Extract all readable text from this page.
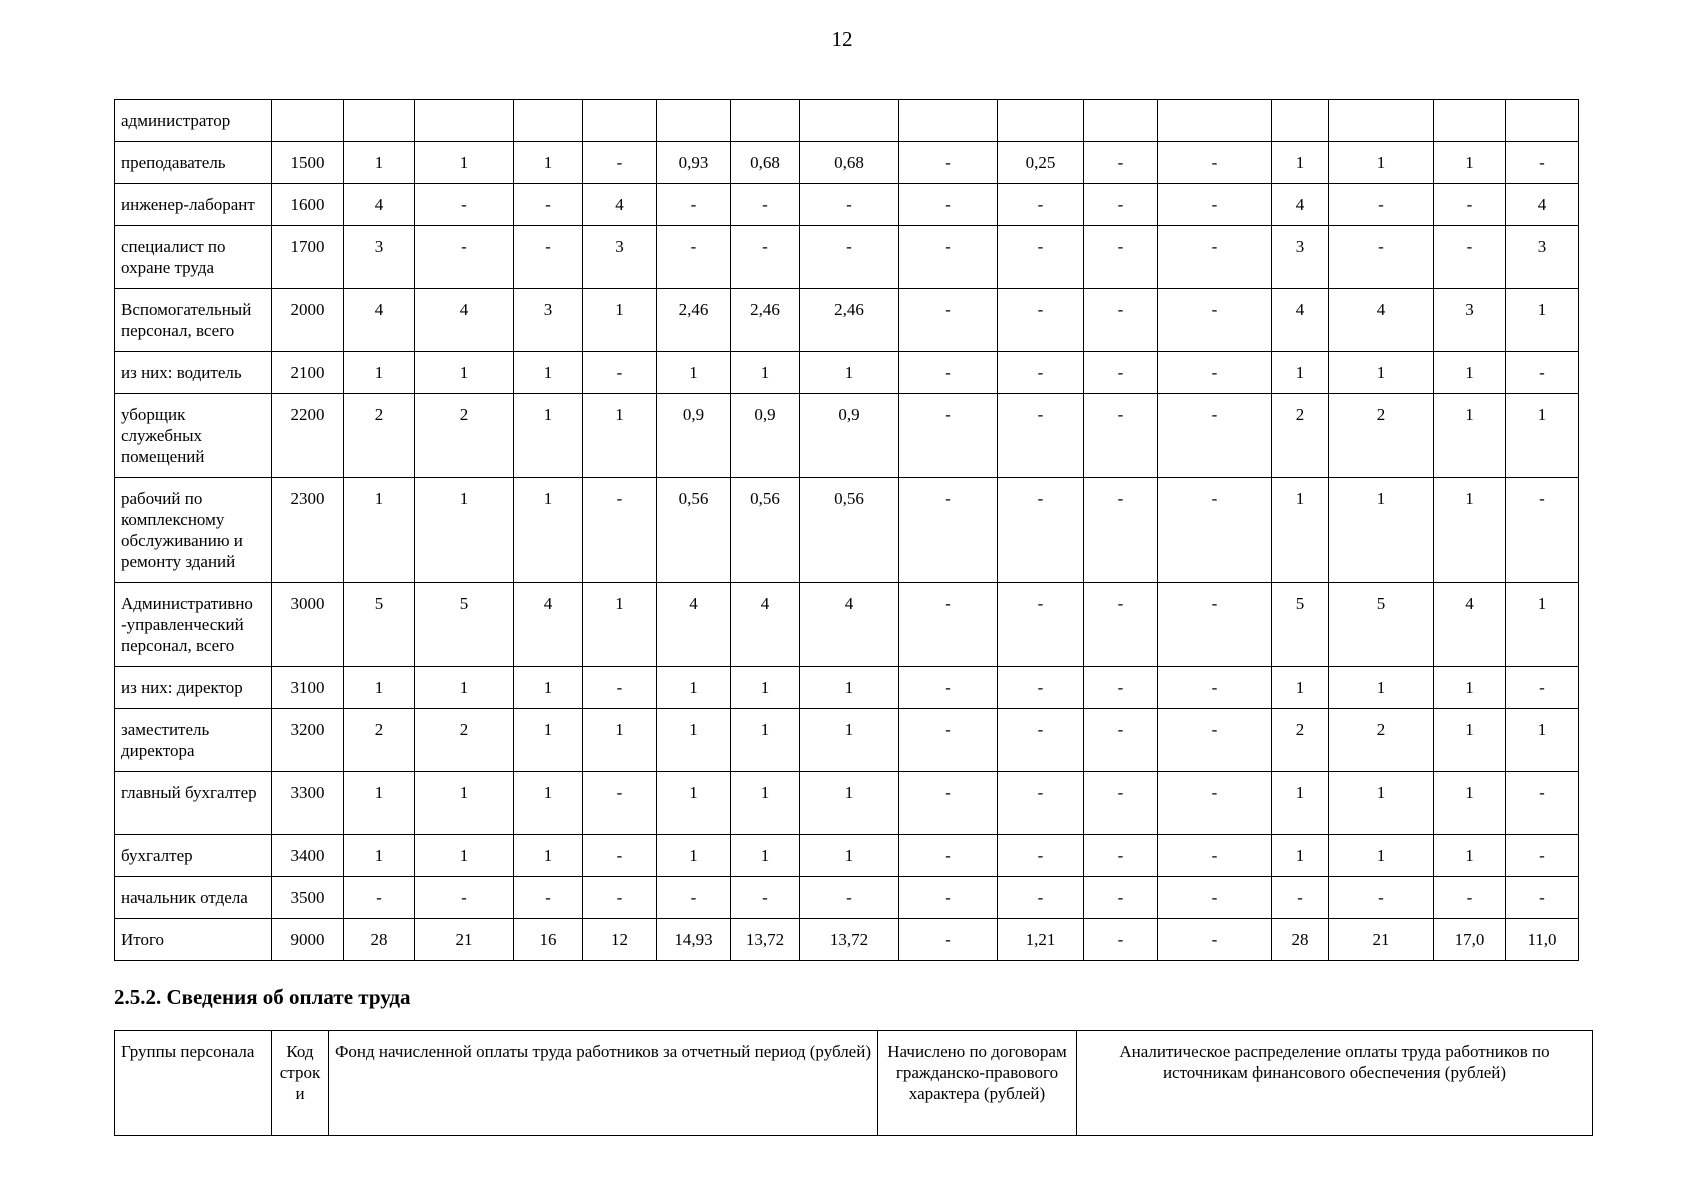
12
администратор																
преподаватель	1500	1	1	1	-	0,93	0,68	0,68	-	0,25	-	-	1	1	1	-
инженер-лаборант	1600	4	-	-	4	-	-	-	-	-	-	-	4	-	-	4
специалист по охране труда	1700	3	-	-	3	-	-	-	-	-	-	-	3	-	-	3
Вспомогательный персонал, всего	2000	4	4	3	1	2,46	2,46	2,46	-	-	-	-	4	4	3	1
из них: водитель	2100	1	1	1	-	1	1	1	-	-	-	-	1	1	1	-
уборщик служебных помещений	2200	2	2	1	1	0,9	0,9	0,9	-	-	-	-	2	2	1	1
рабочий по комплексному обслуживанию и ремонту зданий	2300	1	1	1	-	0,56	0,56	0,56	-	-	-	-	1	1	1	-
Административно -управленческий персонал, всего	3000	5	5	4	1	4	4	4	-	-	-	-	5	5	4	1
из них: директор	3100	1	1	1	-	1	1	1	-	-	-	-	1	1	1	-
заместитель директора	3200	2	2	1	1	1	1	1	-	-	-	-	2	2	1	1
главный бухгалтер	3300	1	1	1	-	1	1	1	-	-	-	-	1	1	1	-
бухгалтер	3400	1	1	1	-	1	1	1	-	-	-	-	1	1	1	-
начальник отдела	3500	-	-	-	-	-	-	-	-	-	-	-	-	-	-	-
Итого	9000	28	21	16	12	14,93	13,72	13,72	-	1,21	-	-	28	21	17,0	11,0
2.5.2. Сведения об оплате труда
Группы персонала	Код строк и	Фонд начисленной оплаты труда работников за отчетный период (рублей)	Начислено по договорам гражданско-правового характера (рублей)	Аналитическое распределение оплаты труда работников по источникам финансового обеспечения (рублей)
